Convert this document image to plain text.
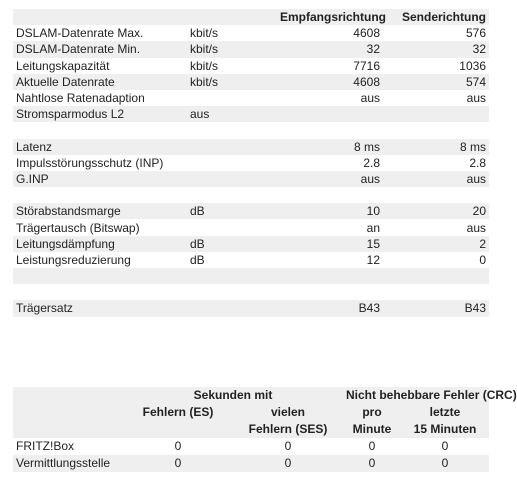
		Empfangsrichtung	Senderichtung
DSLAM-Datenrate Max.	kbit/s	4608	576
DSLAM-Datenrate Min.	kbit/s	32	32
Leitungskapazität	kbit/s	7716	1036
Aktuelle Datenrate	kbit/s	4608	574
Nahtlose Ratenadaption		aus	aus
Stromsparmodus L2	aus		

Latenz		8 ms	8 ms
Impulsstörungsschutz (INP)		2.8	2.8
G.INP		aus	aus

Störabstandsmarge	dB	10	20
Trägertausch (Bitswap)		an	aus
Leitungsdämpfung	dB	15	2
Leistungsreduzierung	dB	12	0

Trägersatz		B43	B43
	Sekunden mit		Nicht behebbare Fehler (CRC)	
	Fehlern (ES)	vielen	pro	letzte
		Fehlern (SES)	Minute	15 Minuten
FRITZ!Box	0	0	0	0
Vermittlungsstelle	0	0	0	0
